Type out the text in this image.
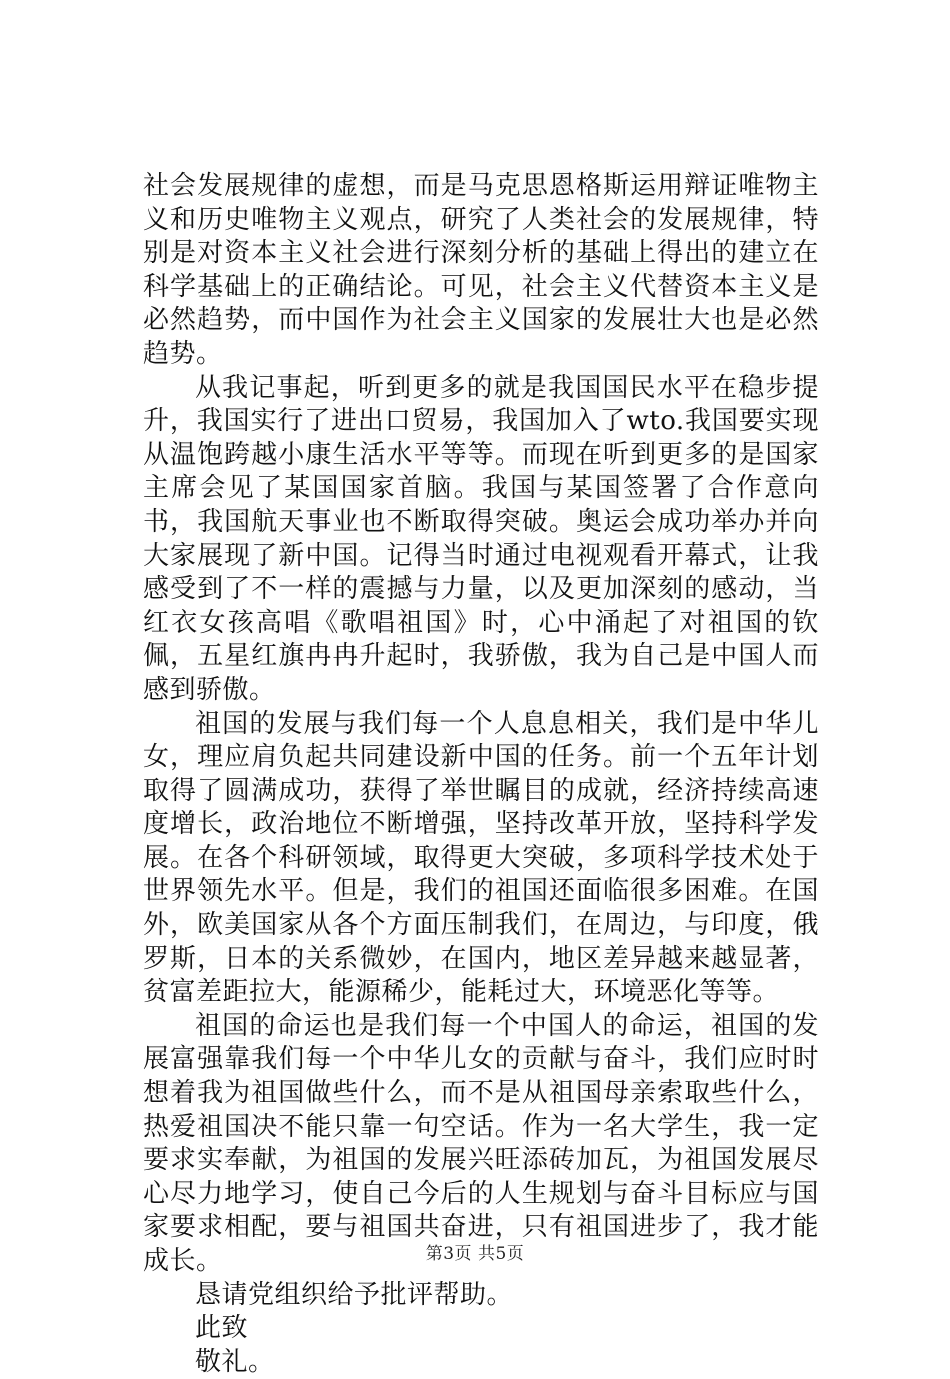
社会发展规律的虚想，而是马克思恩格斯运用辩证唯物主义和历史唯物主义观点，研究了人类社会的发展规律，特别是对资本主义社会进行深刻分析的基础上得出的建立在科学基础上的正确结论。可见，社会主义代替资本主义是必然趋势，而中国作为社会主义国家的发展壮大也是必然趋势。

从我记事起，听到更多的就是我国国民水平在稳步提升，我国实行了进出口贸易，我国加入了wto.我国要实现从温饱跨越小康生活水平等等。而现在听到更多的是国家主席会见了某国国家首脑。我国与某国签署了合作意向书，我国航天事业也不断取得突破。奥运会成功举办并向大家展现了新中国。记得当时通过电视观看开幕式，让我感受到了不一样的震撼与力量，以及更加深刻的感动，当红衣女孩高唱《歌唱祖国》时，心中涌起了对祖国的钦佩，五星红旗冉冉升起时，我骄傲，我为自己是中国人而感到骄傲。

祖国的发展与我们每一个人息息相关，我们是中华儿女，理应肩负起共同建设新中国的任务。前一个五年计划取得了圆满成功，获得了举世瞩目的成就，经济持续高速度增长，政治地位不断增强，坚持改革开放，坚持科学发展。在各个科研领域，取得更大突破，多项科学技术处于世界领先水平。但是，我们的祖国还面临很多困难。在国外，欧美国家从各个方面压制我们，在周边，与印度，俄罗斯，日本的关系微妙，在国内，地区差异越来越显著，贫富差距拉大，能源稀少，能耗过大，环境恶化等等。

祖国的命运也是我们每一个中国人的命运，祖国的发展富强靠我们每一个中华儿女的贡献与奋斗，我们应时时想着我为祖国做些什么，而不是从祖国母亲索取些什么，热爱祖国决不能只靠一句空话。作为一名大学生，我一定要求实奉献，为祖国的发展兴旺添砖加瓦，为祖国发展尽心尽力地学习，使自己今后的人生规划与奋斗目标应与国家要求相配，要与祖国共奋进，只有祖国进步了，我才能成长。

恳请党组织给予批评帮助。

此致

敬礼。

第3页 共5页
